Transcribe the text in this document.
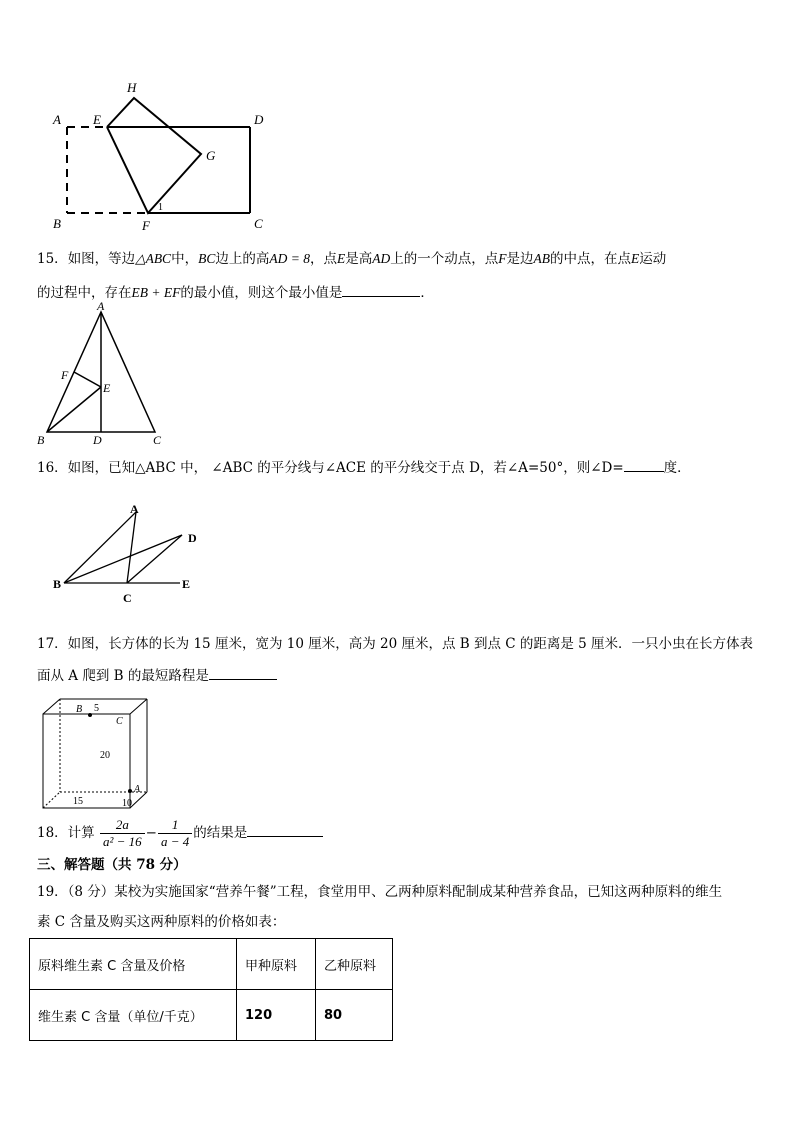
A E
H
D
G
B	F	C
1
15．如图，等边△ABC中，BC边上的高AD = 8，点E是高AD上的一个动点，点F是边AB的中点，在点E运动
的过程中，存在EB + EF的最小值，则这个最小值是	．
A
F
E
B	D	C
16．如图，已知△ABC 中， ∠ABC 的平分线与∠ACE 的平分线交于点 D，若∠A=50°，则∠D=	度．
A
D
B
C
E
17．如图，长方体的长为 15 厘米，宽为 10 厘米，高为 20 厘米，点 B 到点 C 的距离是 5 厘米．一只小虫在长方体表
面从 A 爬到 B 的最短路程是
B 5
C
20
A
15	10
18．计算 $\frac{2a}{\text{a² − 16}} - \frac{1}{a - 4}$ 的结果是
三、解答题（共 78 分）
19．（8 分）某校为实施国家“营养午餐”工程，食堂用甲、乙两种原料配制成某种营养食品，已知这两种原料的维生
素 C 含量及购买这两种原料的价格如表：
原料维生素 C 含量及价格	甲种原料	乙种原料
维生素 C 含量（单位/千克）	120	80
